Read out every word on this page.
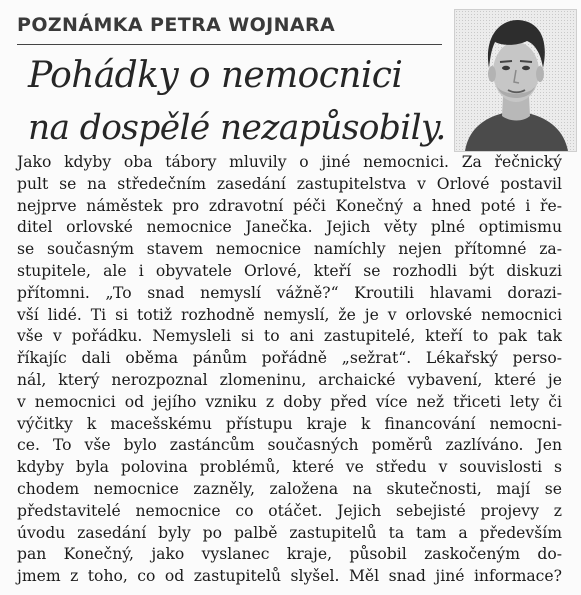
POZNÁMKA PETRA WOJNARA
Pohádky o nemocnici
na dospělé nezapůsobily.
Jako kdyby oba tábory mluvily o jiné nemocnici. Za řečnický
pult se na středečním zasedání zastupitelstva v Orlové postavil
nejprve náměstek pro zdravotní péči Konečný a hned poté i ře-
ditel orlovské nemocnice Janečka. Jejich věty plné optimismu
se současným stavem nemocnice namíchly nejen přítomné za-
stupitele, ale i obyvatele Orlové, kteří se rozhodli být diskuzi
přítomni. „To snad nemyslí vážně?“ Kroutili hlavami dorazi-
vší lidé. Ti si totiž rozhodně nemyslí, že je v orlovské nemocnici
vše v pořádku. Nemysleli si to ani zastupitelé, kteří to pak tak
říkajíc dali oběma pánům pořádně „sežrat“. Lékařský perso-
nál, který nerozpoznal zlomeninu, archaické vybavení, které je
v nemocnici od jejího vzniku z doby před více než třiceti lety či
výčitky k macešskému přístupu kraje k financování nemocni-
ce. To vše bylo zastáncům současných poměrů zazlíváno. Jen
kdyby byla polovina problémů, které ve středu v souvislosti s
chodem nemocnice zazněly, založena na skutečnosti, mají se
představitelé nemocnice co otáčet. Jejich sebejisté projevy z
úvodu zasedání byly po palbě zastupitelů ta tam a především
pan Konečný, jako vyslanec kraje, působil zaskočeným do-
jmem z toho, co od zastupitelů slyšel. Měl snad jiné informace?
